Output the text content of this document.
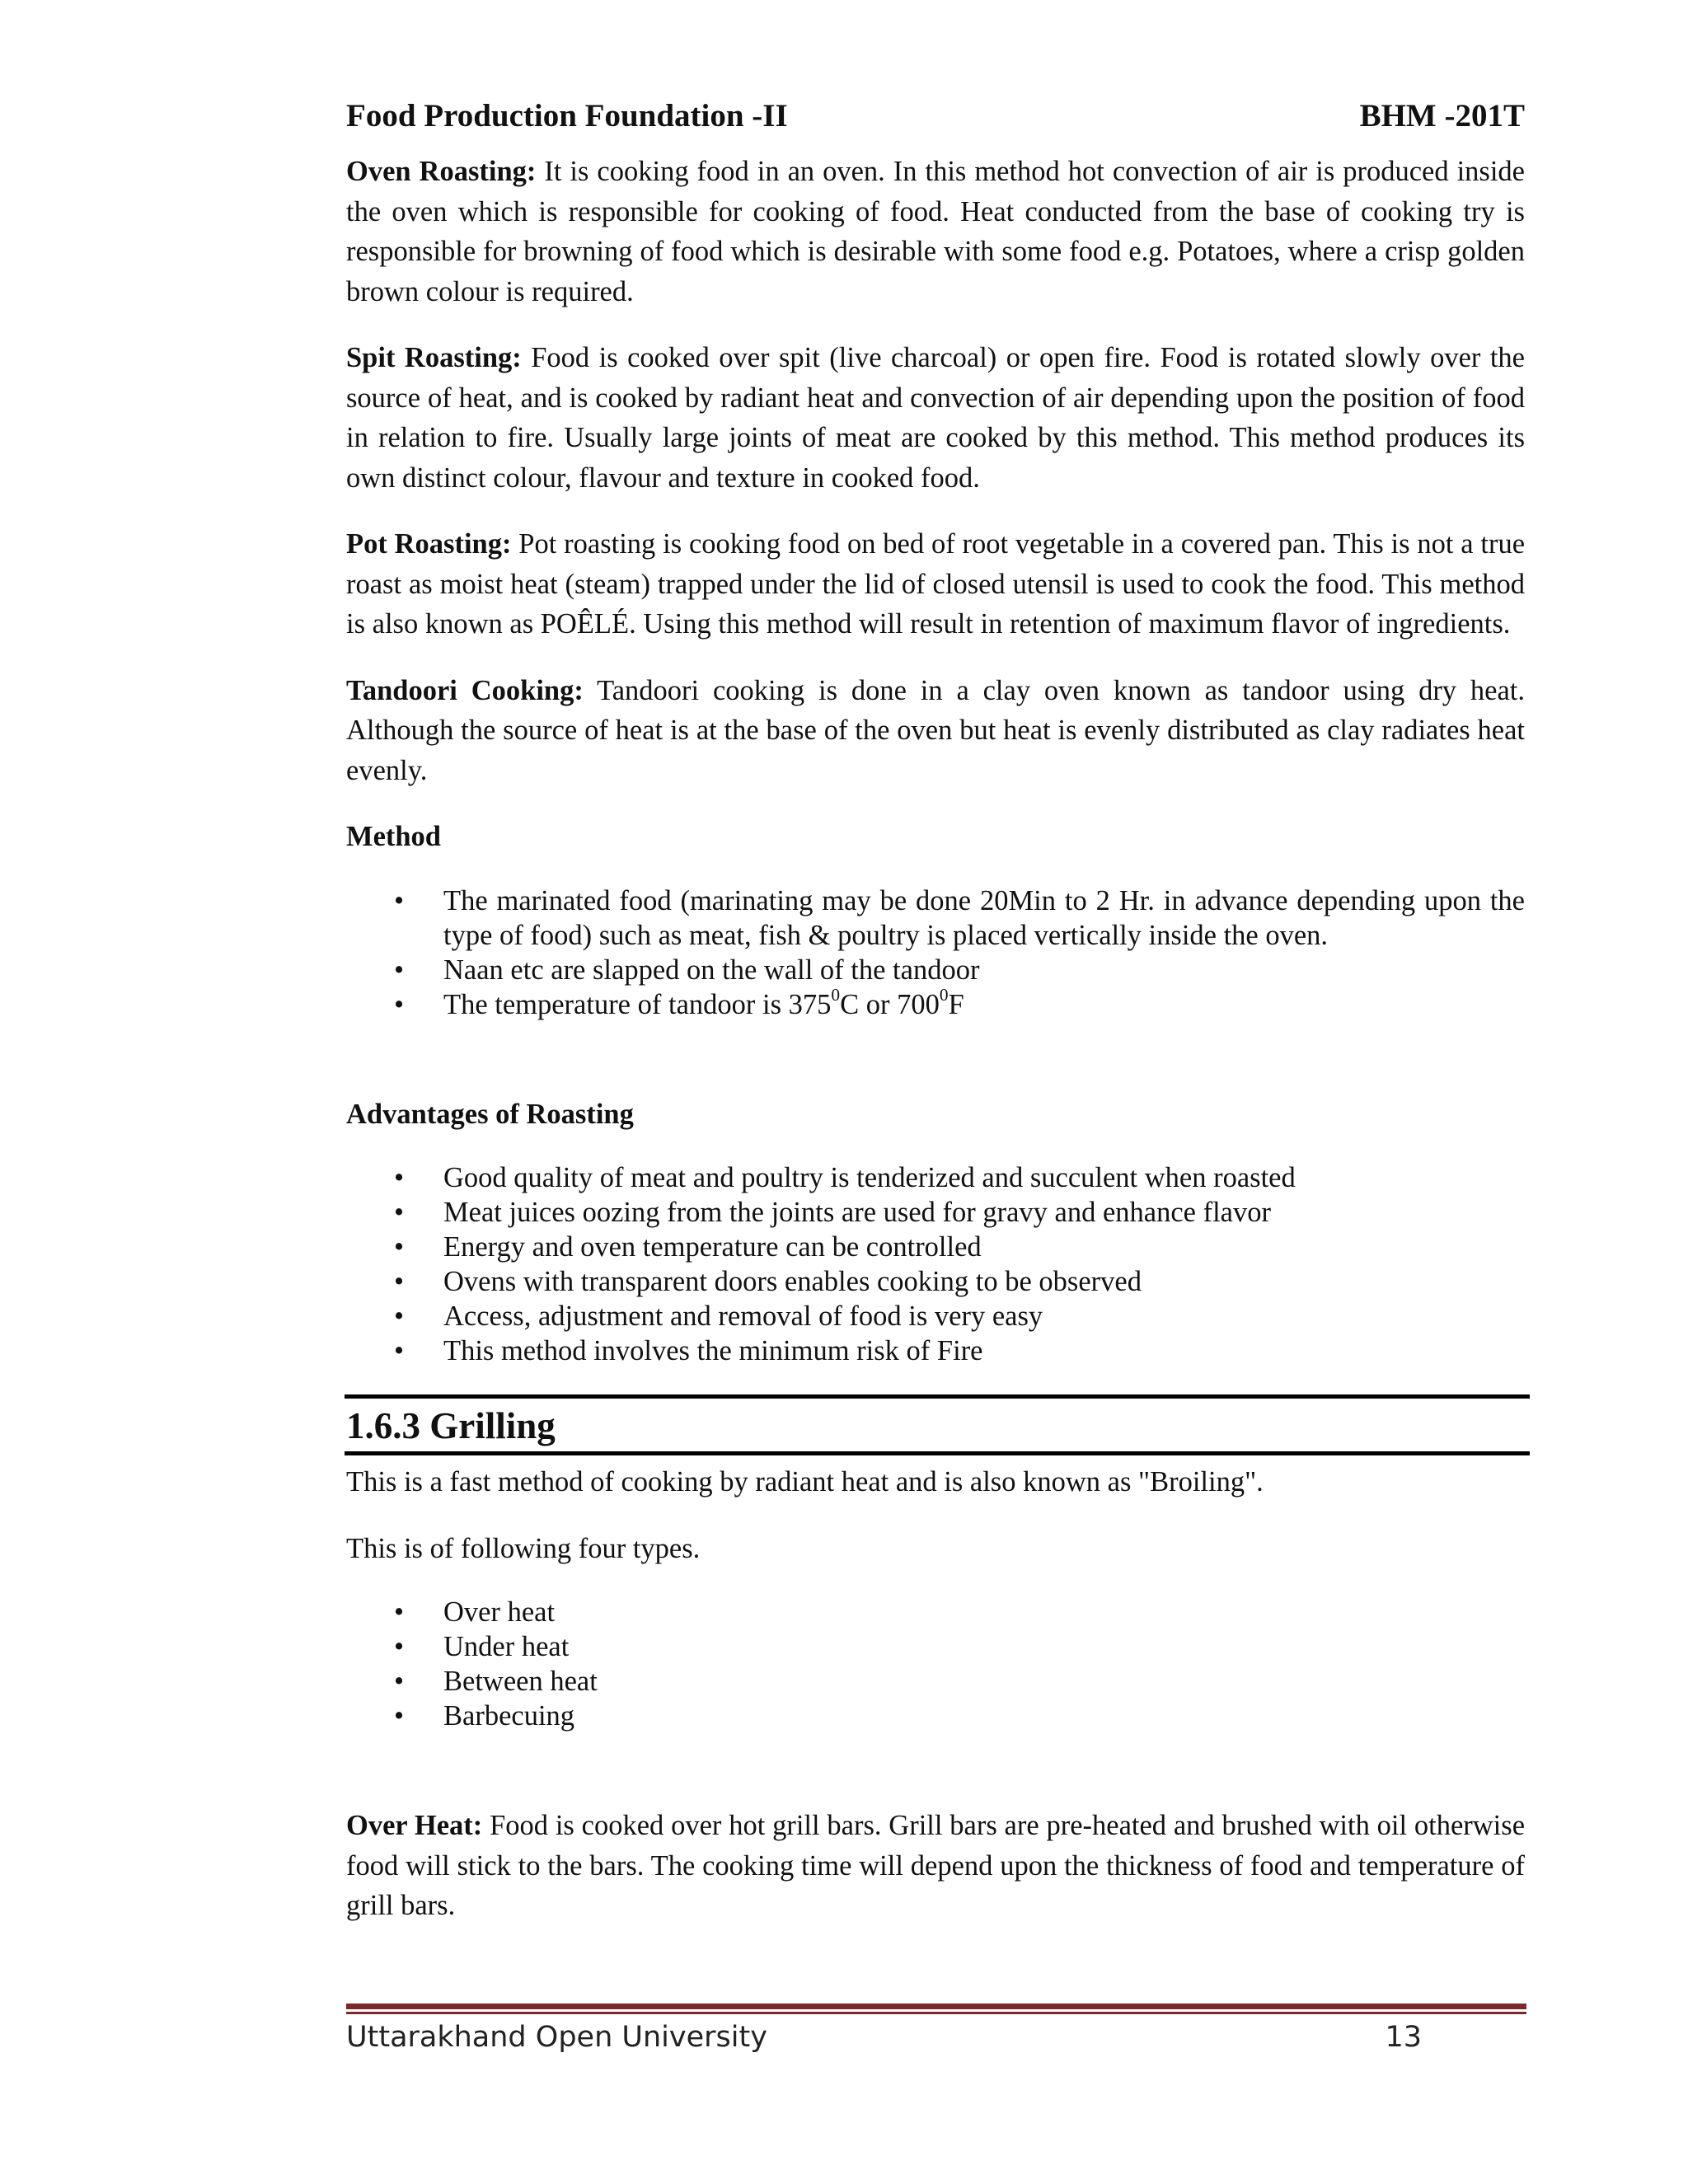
Food Production Foundation -II	BHM -201T

Oven Roasting: It is cooking food in an oven. In this method hot convection of air is produced inside the oven which is responsible for cooking of food. Heat conducted from the base of cooking try is responsible for browning of food which is desirable with some food e.g. Potatoes, where a crisp golden brown colour is required.

Spit Roasting: Food is cooked over spit (live charcoal) or open fire. Food is rotated slowly over the source of heat, and is cooked by radiant heat and convection of air depending upon the position of food in relation to fire. Usually large joints of meat are cooked by this method. This method produces its own distinct colour, flavour and texture in cooked food.

Pot Roasting: Pot roasting is cooking food on bed of root vegetable in a covered pan. This is not a true roast as moist heat (steam) trapped under the lid of closed utensil is used to cook the food. This method is also known as POÊLÉ. Using this method will result in retention of maximum flavor of ingredients.

Tandoori Cooking: Tandoori cooking is done in a clay oven known as tandoor using dry heat. Although the source of heat is at the base of the oven but heat is evenly distributed as clay radiates heat evenly.

Method

• The marinated food (marinating may be done 20Min to 2 Hr. in advance depending upon the type of food) such as meat, fish & poultry is placed vertically inside the oven.
• Naan etc are slapped on the wall of the tandoor
• The temperature of tandoor is $375^0C$ or $700^0F$

Advantages of Roasting

• Good quality of meat and poultry is tenderized and succulent when roasted
• Meat juices oozing from the joints are used for gravy and enhance flavor
• Energy and oven temperature can be controlled
• Ovens with transparent doors enables cooking to be observed
• Access, adjustment and removal of food is very easy
• This method involves the minimum risk of Fire
1.6.3 Grilling

This is a fast method of cooking by radiant heat and is also known as "Broiling".

This is of following four types.

• Over heat
• Under heat
• Between heat
• Barbecuing

Over Heat: Food is cooked over hot grill bars. Grill bars are pre-heated and brushed with oil otherwise food will stick to the bars. The cooking time will depend upon the thickness of food and temperature of grill bars.

Uttarakhand Open University	13
